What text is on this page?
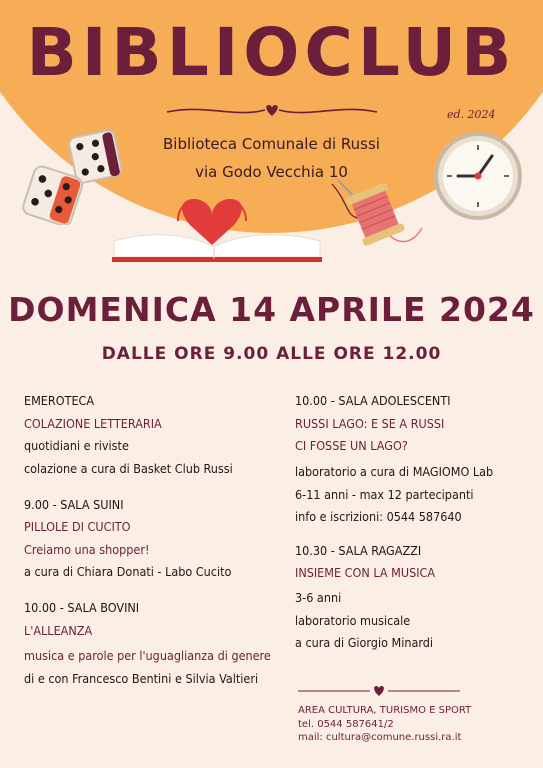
BIBLIOCLUB
ed. 2024
Biblioteca Comunale di Russi
via Godo Vecchia 10
DOMENICA 14 APRILE 2024
DALLE ORE 9.00 ALLE ORE 12.00
EMEROTECA
COLAZIONE LETTERARIA
quotidiani e riviste
colazione a cura di Basket Club Russi
9.00 - SALA SUINI
PILLOLE DI CUCITO
Creiamo una shopper!
a cura di Chiara Donati - Labo Cucito
10.00 - SALA BOVINI
L'ALLEANZA
musica e parole per l'uguaglianza di genere
di e con Francesco Bentini e Silvia Valtieri
10.00 - SALA ADOLESCENTI
RUSSI LAGO: E SE A RUSSI
CI FOSSE UN LAGO?
laboratorio a cura di MAGIOMO Lab
6-11 anni - max 12 partecipanti
info e iscrizioni: 0544 587640
10.30 - SALA RAGAZZI
INSIEME CON LA MUSICA
3-6 anni
laboratorio musicale
a cura di Giorgio Minardi
AREA CULTURA, TURISMO E SPORT
tel. 0544 587641/2
mail: cultura@comune.russi.ra.it
